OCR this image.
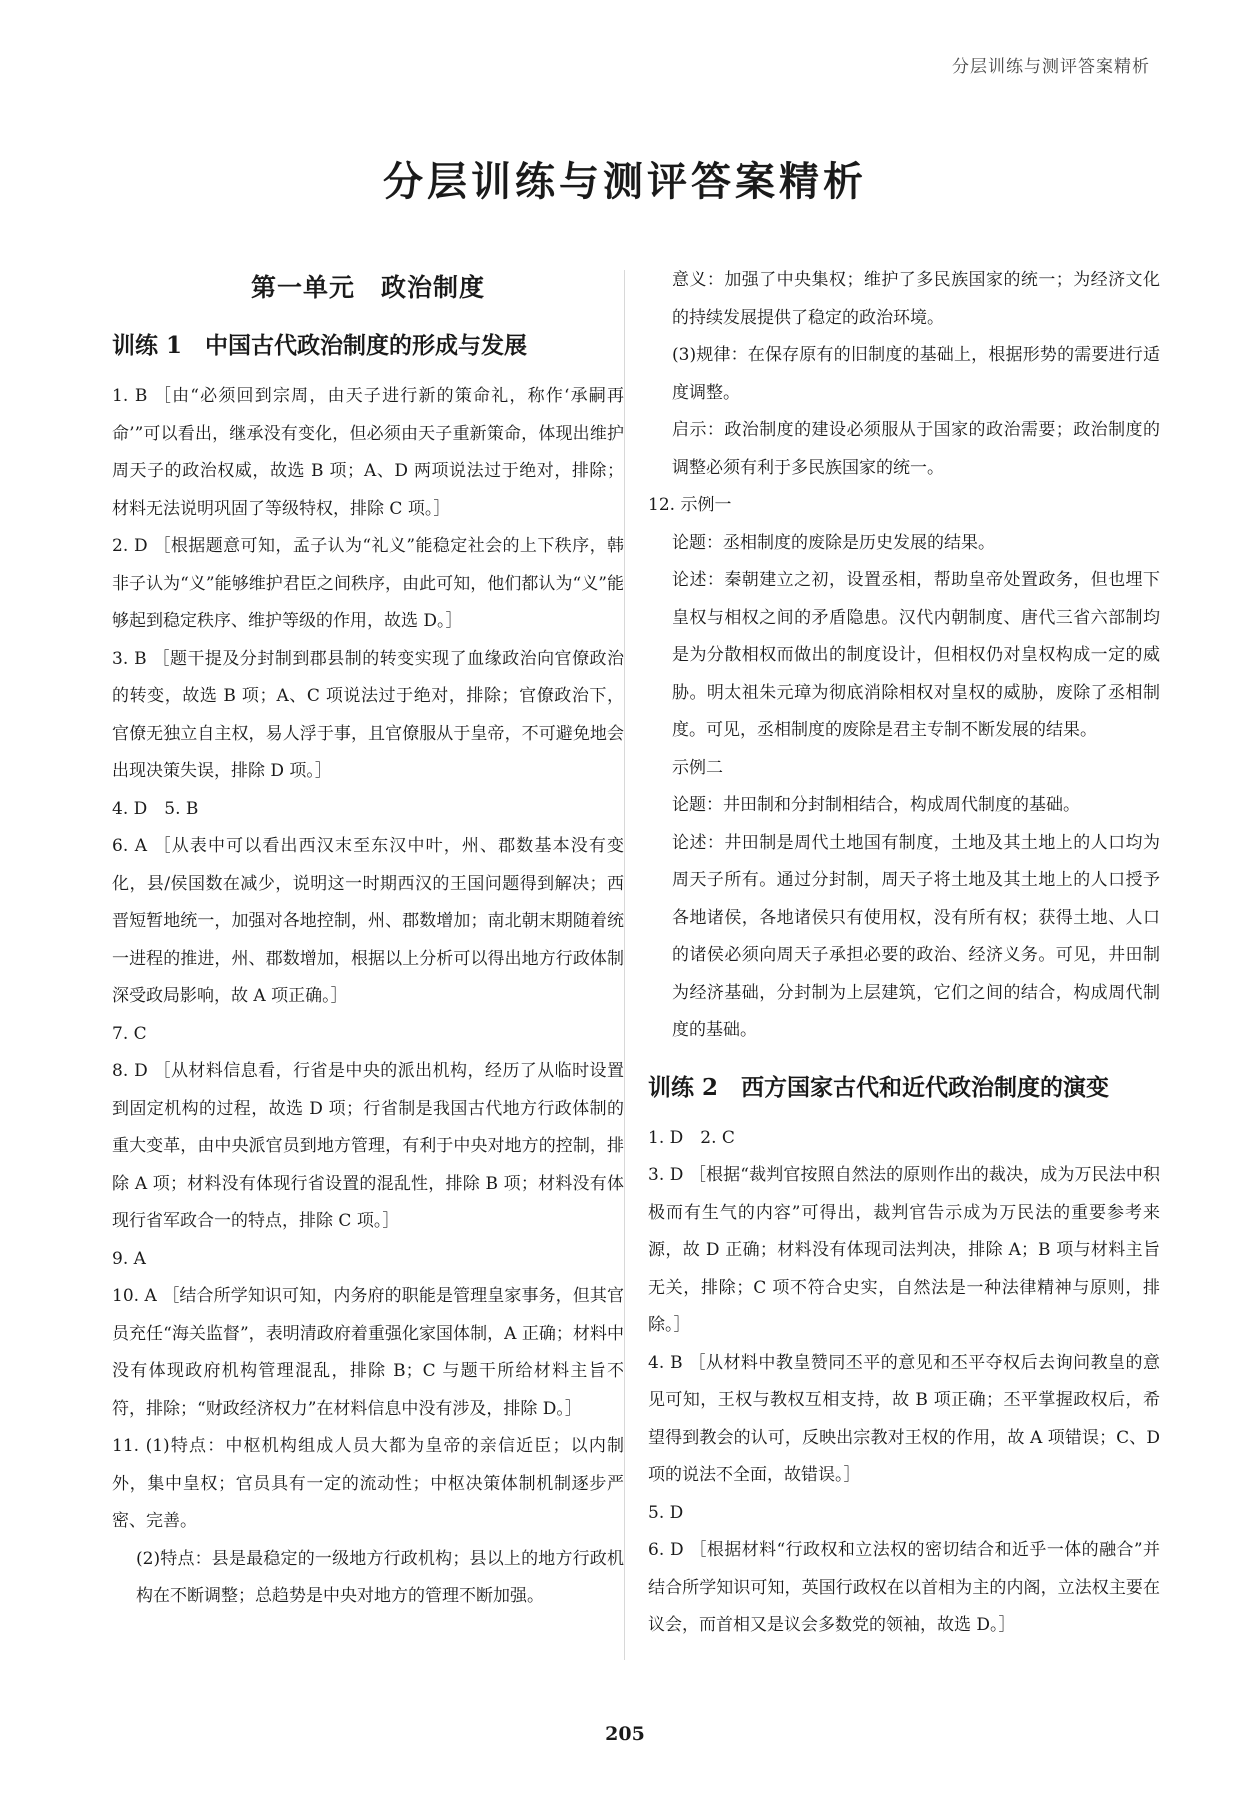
分层训练与测评答案精析
分层训练与测评答案精析
第一单元　政治制度
训练 1　中国古代政治制度的形成与发展

1. B ［由“必须回到宗周，由天子进行新的策命礼，称作‘承嗣再命’”可以看出，继承没有变化，但必须由天子重新策命，体现出维护周天子的政治权威，故选 B 项；A、D 两项说法过于绝对，排除；材料无法说明巩固了等级特权，排除 C 项。］

2. D ［根据题意可知，孟子认为“礼义”能稳定社会的上下秩序，韩非子认为“义”能够维护君臣之间秩序，由此可知，他们都认为“义”能够起到稳定秩序、维护等级的作用，故选 D。］

3. B ［题干提及分封制到郡县制的转变实现了血缘政治向官僚政治的转变，故选 B 项；A、C 项说法过于绝对，排除；官僚政治下，官僚无独立自主权，易人浮于事，且官僚服从于皇帝，不可避免地会出现决策失误，排除 D 项。］

4. D　5. B

6. A ［从表中可以看出西汉末至东汉中叶，州、郡数基本没有变化，县/侯国数在减少，说明这一时期西汉的王国问题得到解决；西晋短暂地统一，加强对各地控制，州、郡数增加；南北朝末期随着统一进程的推进，州、郡数增加，根据以上分析可以得出地方行政体制深受政局影响，故 A 项正确。］

7. C

8. D ［从材料信息看，行省是中央的派出机构，经历了从临时设置到固定机构的过程，故选 D 项；行省制是我国古代地方行政体制的重大变革，由中央派官员到地方管理，有利于中央对地方的控制，排除 A 项；材料没有体现行省设置的混乱性，排除 B 项；材料没有体现行省军政合一的特点，排除 C 项。］

9. A

10. A ［结合所学知识可知，内务府的职能是管理皇家事务，但其官员充任“海关监督”，表明清政府着重强化家国体制，A 正确；材料中没有体现政府机构管理混乱，排除 B；C 与题干所给材料主旨不符，排除；“财政经济权力”在材料信息中没有涉及，排除 D。］

11. (1)特点：中枢机构组成人员大都为皇帝的亲信近臣；以内制外，集中皇权；官员具有一定的流动性；中枢决策体制机制逐步严密、完善。

(2)特点：县是最稳定的一级地方行政机构；县以上的地方行政机构在不断调整；总趋势是中央对地方的管理不断加强。

意义：加强了中央集权；维护了多民族国家的统一；为经济文化的持续发展提供了稳定的政治环境。

(3)规律：在保存原有的旧制度的基础上，根据形势的需要进行适度调整。

启示：政治制度的建设必须服从于国家的政治需要；政治制度的调整必须有利于多民族国家的统一。

12. 示例一

论题：丞相制度的废除是历史发展的结果。

论述：秦朝建立之初，设置丞相，帮助皇帝处置政务，但也埋下皇权与相权之间的矛盾隐患。汉代内朝制度、唐代三省六部制均是为分散相权而做出的制度设计，但相权仍对皇权构成一定的威胁。明太祖朱元璋为彻底消除相权对皇权的威胁，废除了丞相制度。可见，丞相制度的废除是君主专制不断发展的结果。

示例二

论题：井田制和分封制相结合，构成周代制度的基础。

论述：井田制是周代土地国有制度，土地及其土地上的人口均为周天子所有。通过分封制，周天子将土地及其土地上的人口授予各地诸侯，各地诸侯只有使用权，没有所有权；获得土地、人口的诸侯必须向周天子承担必要的政治、经济义务。可见，井田制为经济基础，分封制为上层建筑，它们之间的结合，构成周代制度的基础。

训练 2　西方国家古代和近代政治制度的演变

1. D　2. C

3. D ［根据“裁判官按照自然法的原则作出的裁决，成为万民法中积极而有生气的内容”可得出，裁判官告示成为万民法的重要参考来源，故 D 正确；材料没有体现司法判决，排除 A；B 项与材料主旨无关，排除；C 项不符合史实，自然法是一种法律精神与原则，排除。］

4. B ［从材料中教皇赞同丕平的意见和丕平夺权后去询问教皇的意见可知，王权与教权互相支持，故 B 项正确；丕平掌握政权后，希望得到教会的认可，反映出宗教对王权的作用，故 A 项错误；C、D 项的说法不全面，故错误。］

5. D

6. D ［根据材料“行政权和立法权的密切结合和近乎一体的融合”并结合所学知识可知，英国行政权在以首相为主的内阁，立法权主要在议会，而首相又是议会多数党的领袖，故选 D。］

205
